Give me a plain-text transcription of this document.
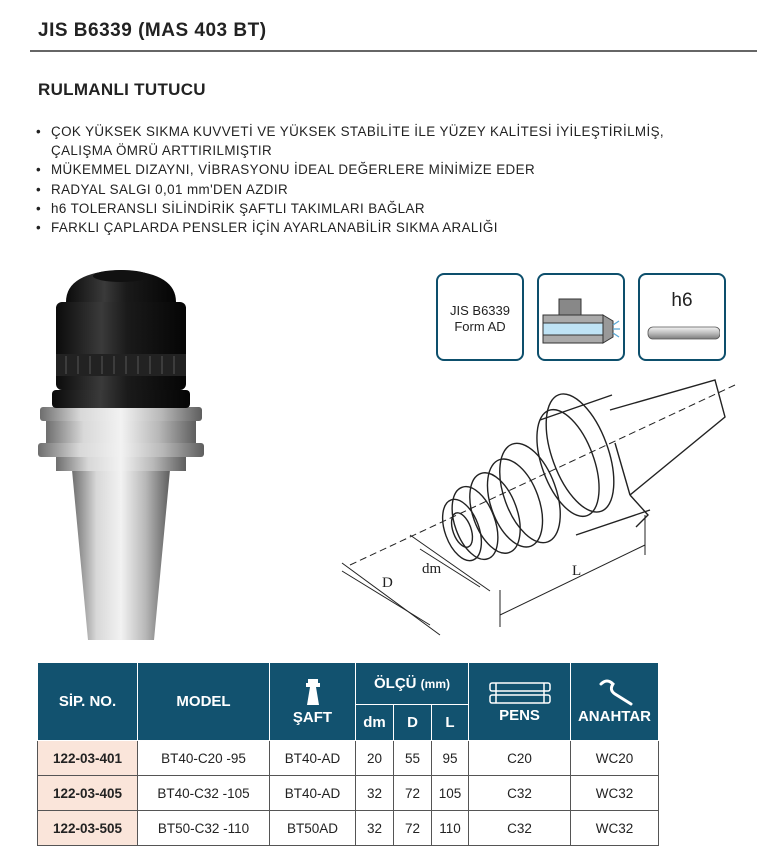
JIS B6339 (MAS 403 BT)
RULMANLI TUTUCU
• ÇOK YÜKSEK SIKMA KUVVETİ VE YÜKSEK STABİLİTE İLE YÜZEY KALİTESİ İYİLEŞTİRİLMİŞ,
ÇALIŞMA ÖMRÜ ARTTIRILMIŞTIR
• MÜKEMMEL DIZAYNI, VİBRASYONU İDEAL DEĞERLERE MİNİMİZE EDER
• RADYAL SALGI 0,01 mm'DEN AZDIR
• h6 TOLERANSLI SİLİNDİRİK ŞAFTLI TAKIMLARI BAĞLAR
• FARKLI ÇAPLARDA PENSLER İÇİN AYARLANABİLİR SIKMA ARALIĞI
JIS B6339
Form AD
h6
D
dm	L
SİP. NO.	MODEL	ŞAFT	ÖLÇÜ (mm)			PENS	ANAHTAR

			dm	D	L		
122-03-401	BT40-C20 -95	BT40-AD	20	55	95	C20	WC20
122-03-405	BT40-C32 -105	BT40-AD	32	72	105	C32	WC32
122-03-505	BT50-C32 -110	BT50AD	32	72	110	C32	WC32
